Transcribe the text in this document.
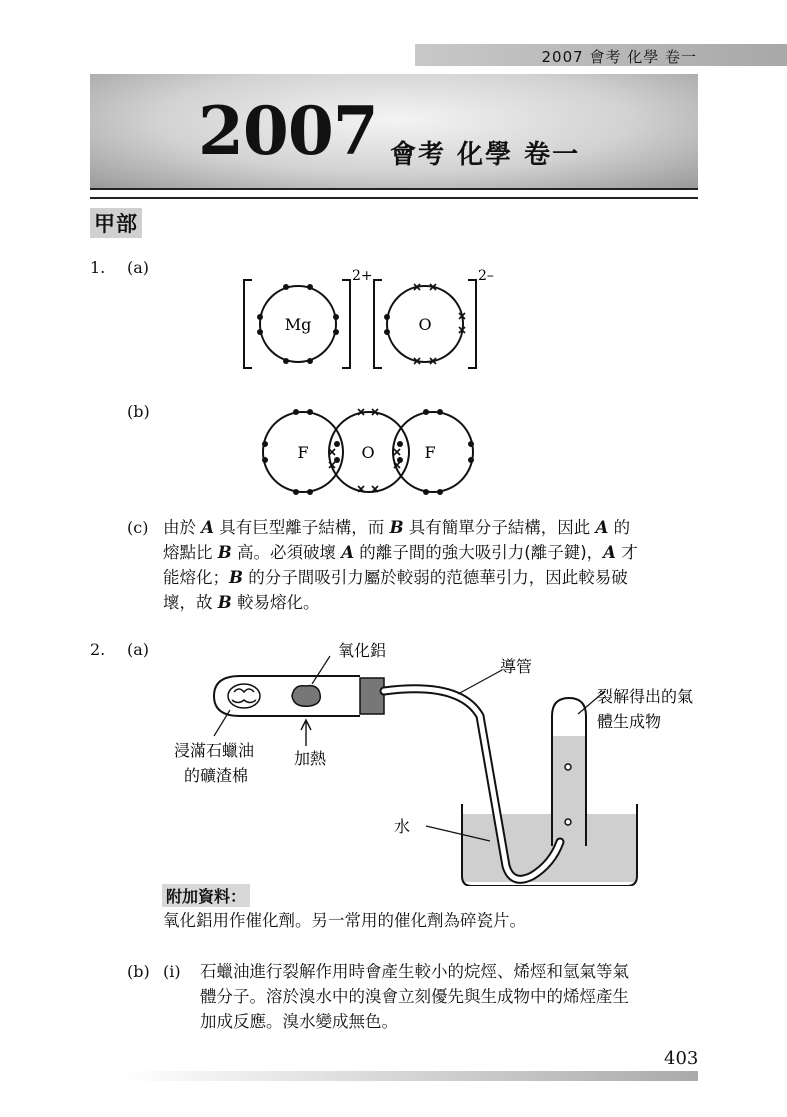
2007 會考 化學 卷一
2007 會考 化學 卷一
甲部
1. (a)
Mg	O
2+	2–
(b)
F	O	F
(c) 由於 A 具有巨型離子結構，而 B 具有簡單分子結構，因此 A 的
熔點比 B 高。必須破壞 A 的離子間的強大吸引力(離子鍵)，A 才
能熔化；B 的分子間吸引力屬於較弱的范德華引力，因此較易破
壞，故 B 較易熔化。
2. (a)	氧化鋁
導管
裂解得出的氣
體生成物
浸滿石蠟油
的礦渣棉
加熱
水
附加資料：
氧化鋁用作催化劑。另一常用的催化劑為碎瓷片。
(b) (i) 石蠟油進行裂解作用時會產生較小的烷烴、烯烴和氫氣等氣
體分子。溶於溴水中的溴會立刻優先與生成物中的烯烴產生
加成反應。溴水變成無色。
403
